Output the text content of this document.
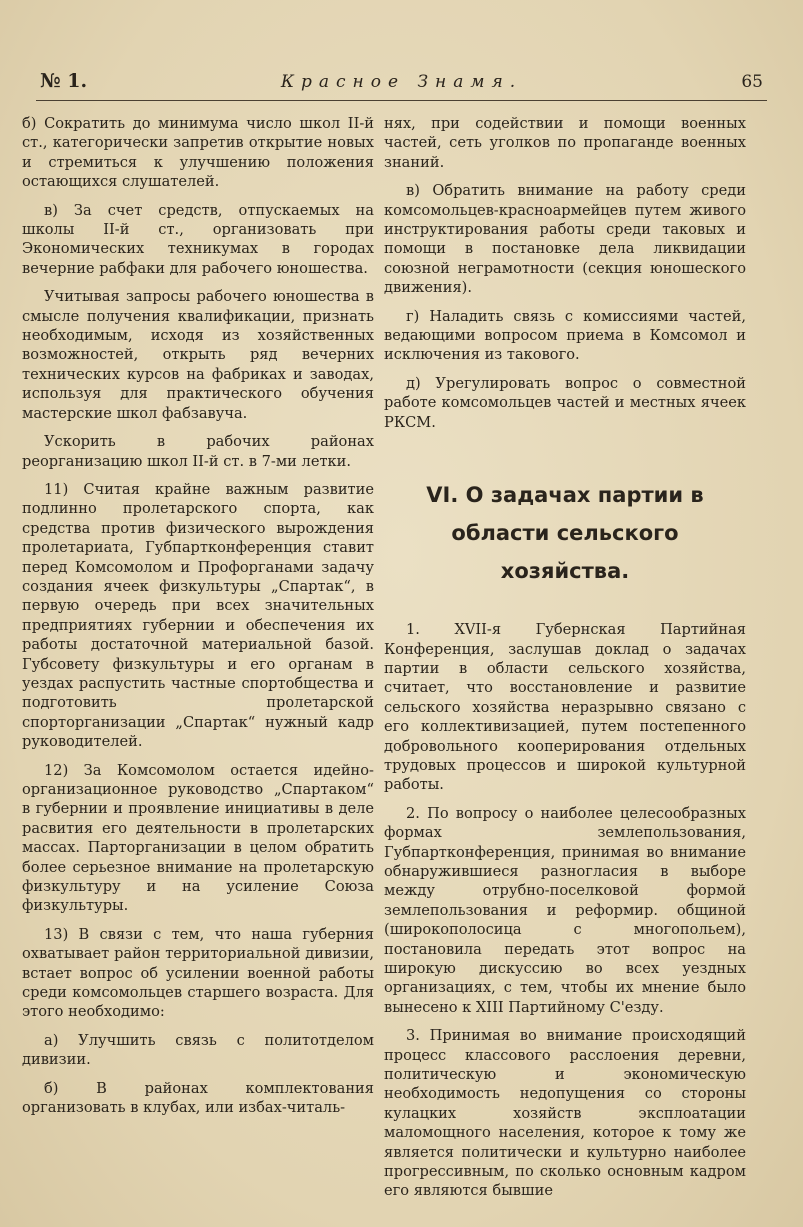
№ 1.	Красное Знамя.	65

б) Сократить до минимума число школ II-й ст., категорически запретив открытие новых и стремиться к улучшению положения остающихся слушателей.

в) За счет средств, отпускаемых на школы II-й ст., организовать при Экономических техникумах в городах вечерние рабфаки для рабочего юношества.

Учитывая запросы рабочего юношества в смысле получения квалификации, признать необходимым, исходя из хозяйственных возможностей, открыть ряд вечерних технических курсов на фабриках и заводах, используя для практического обучения мастерские школ фабзавуча.

Ускорить в рабочих районах реорганизацию школ II-й ст. в 7-ми летки.

11) Считая крайне важным развитие подлинно пролетарского спорта, как средства против физического вырождения пролетариата, Губпартконференция ставит перед Комсомолом и Профорганами задачу создания ячеек физкультуры „Спартак“, в первую очередь при всех значительных предприятиях губернии и обеспечения их работы достаточной материальной базой. Губсовету физкультуры и его органам в уездах распустить частные спортобщества и подготовить пролетарской спорторганизации „Спартак“ нужный кадр руководителей.

12) За Комсомолом остается идейно-организационное руководство „Спартаком“ в губернии и проявление инициативы в деле расвития его деятельности в пролетарских массах. Парторганизации в целом обратить более серьезное внимание на пролетарскую физкультуру и на усиление Союза физкультуры.

13) В связи с тем, что наша губерния охватывает район территориальной дивизии, встает вопрос об усилении военной работы среди комсомольцев старшего возраста. Для этого необходимо:

а) Улучшить связь с политотделом дивизии.

б) В районах комплектования организовать в клубах, или избах-читаль-

нях, при содействии и помощи военных частей, сеть уголков по пропаганде военных знаний.

в) Обратить внимание на работу среди комсомольцев-красноармейцев путем живого инструктирования работы среди таковых и помощи в постановке дела ликвидации союзной неграмотности (секция юношеского движения).

г) Наладить связь с комиссиями частей, ведающими вопросом приема в Комсомол и исключения из такового.

д) Урегулировать вопрос о совместной работе комсомольцев частей и местных ячеек РКСМ.

VI. О задачах партии в области сельского хозяйства.

1. XVII-я Губернская Партийная Конференция, заслушав доклад о задачах партии в области сельского хозяйства, считает, что восстановление и развитие сельского хозяйства неразрывно связано с его коллективизацией, путем постепенного добровольного кооперирования отдельных трудовых процессов и широкой культурной работы.

2. По вопросу о наиболее целесообразных формах землепользования, Губпартконференция, принимая во внимание обнаружившиеся разногласия в выборе между отрубно-поселковой формой землепользования и реформир. общиной (широкополосица с многопольем), постановила передать этот вопрос на широкую дискуссию во всех уездных организациях, с тем, чтобы их мнение было вынесено к XIII Партийному С'езду.

3. Принимая во внимание происходящий процесс классового расслоения деревни, политическую и экономическую необходимость недопущения со стороны кулацких хозяйств эксплоатации маломощного населения, которое к тому же является политически и культурно наиболее прогрессивным, по сколько основным кадром его являются бывшие
